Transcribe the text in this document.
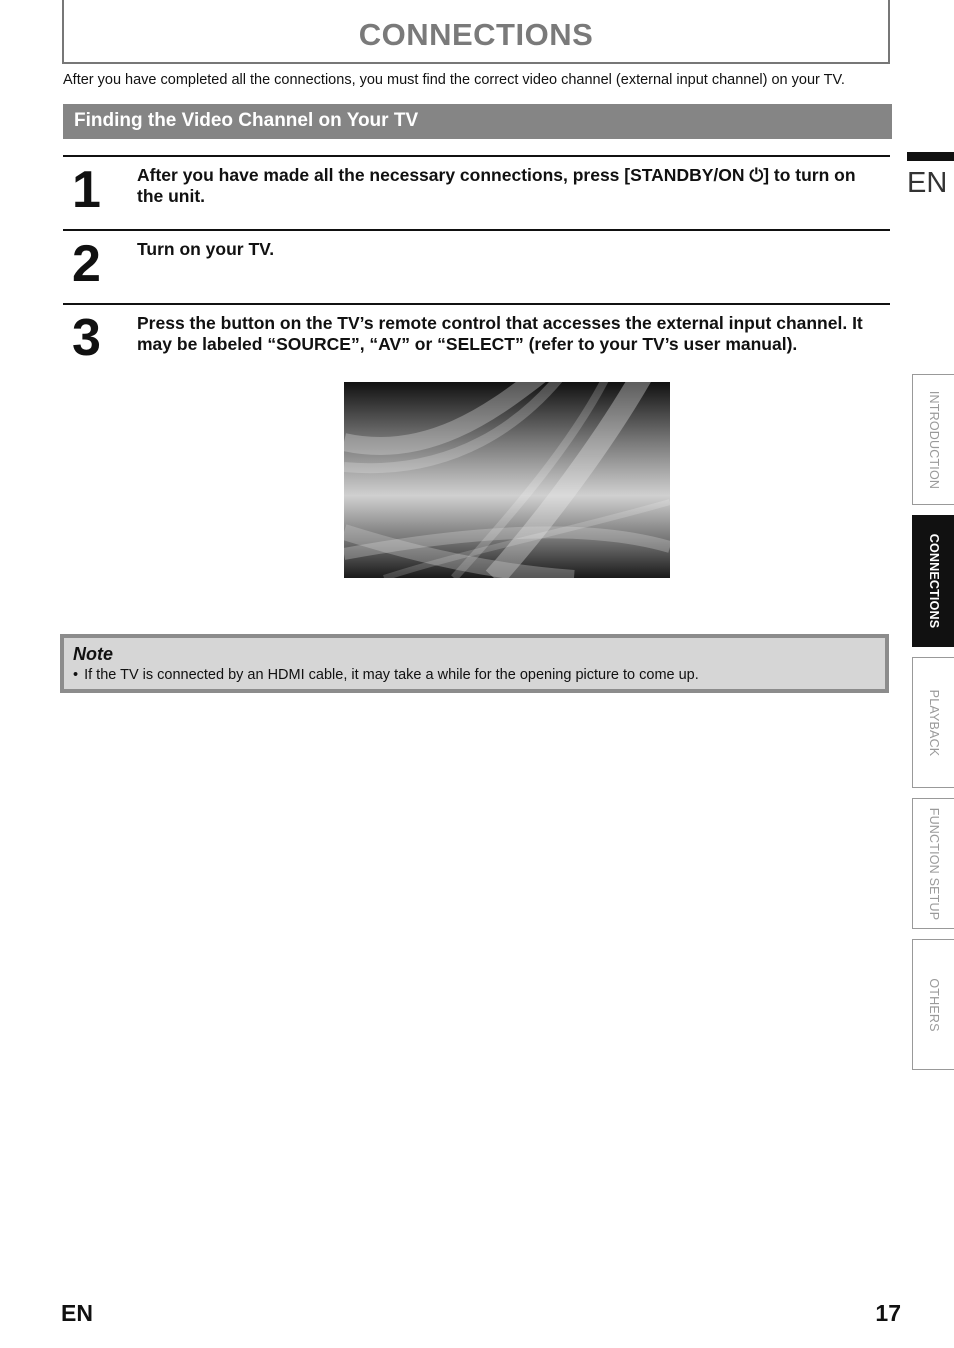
CONNECTIONS
After you have completed all the connections, you must find the correct video channel (external input channel) on your TV.
Finding the Video Channel on Your TV
1 After you have made all the necessary connections, press [STANDBY/ON ⏻] to turn on the unit.
2 Turn on your TV.
3 Press the button on the TV’s remote control that accesses the external input channel. It may be labeled “SOURCE”, “AV” or “SELECT” (refer to your TV’s user manual).
Note
• If the TV is connected by an HDMI cable, it may take a while for the opening picture to come up.
EN
INTRODUCTION
CONNECTIONS
PLAYBACK
FUNCTION SETUP
OTHERS
EN	17
